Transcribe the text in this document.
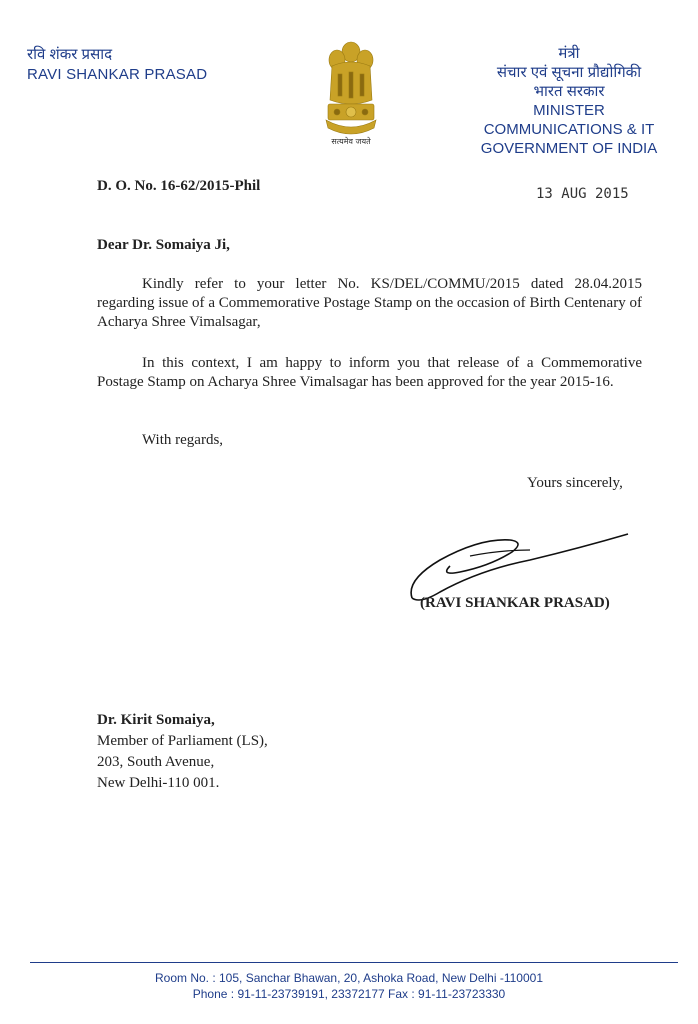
रवि शंकर प्रसाद
RAVI SHANKAR PRASAD
सत्यमेव जयते
मंत्री
संचार एवं सूचना प्रौद्योगिकी
भारत सरकार
MINISTER
COMMUNICATIONS & IT
GOVERNMENT OF INDIA
D. O. No. 16-62/2015-Phil	13 AUG 2015
Dear Dr. Somaiya Ji,
Kindly refer to your letter No. KS/DEL/COMMU/2015 dated 28.04.2015 regarding issue of a Commemorative Postage Stamp on the occasion of Birth Centenary of Acharya Shree Vimalsagar,
In this context, I am happy to inform you that release of a Commemorative Postage Stamp on Acharya Shree Vimalsagar has been approved for the year 2015-16.
With regards,
Yours sincerely,
(RAVI SHANKAR PRASAD)
Dr. Kirit Somaiya,
Member of Parliament (LS),
203, South Avenue,
New Delhi-110 001.
Room No. : 105, Sanchar Bhawan, 20, Ashoka Road, New Delhi -110001
Phone : 91-11-23739191, 23372177 Fax : 91-11-23723330
